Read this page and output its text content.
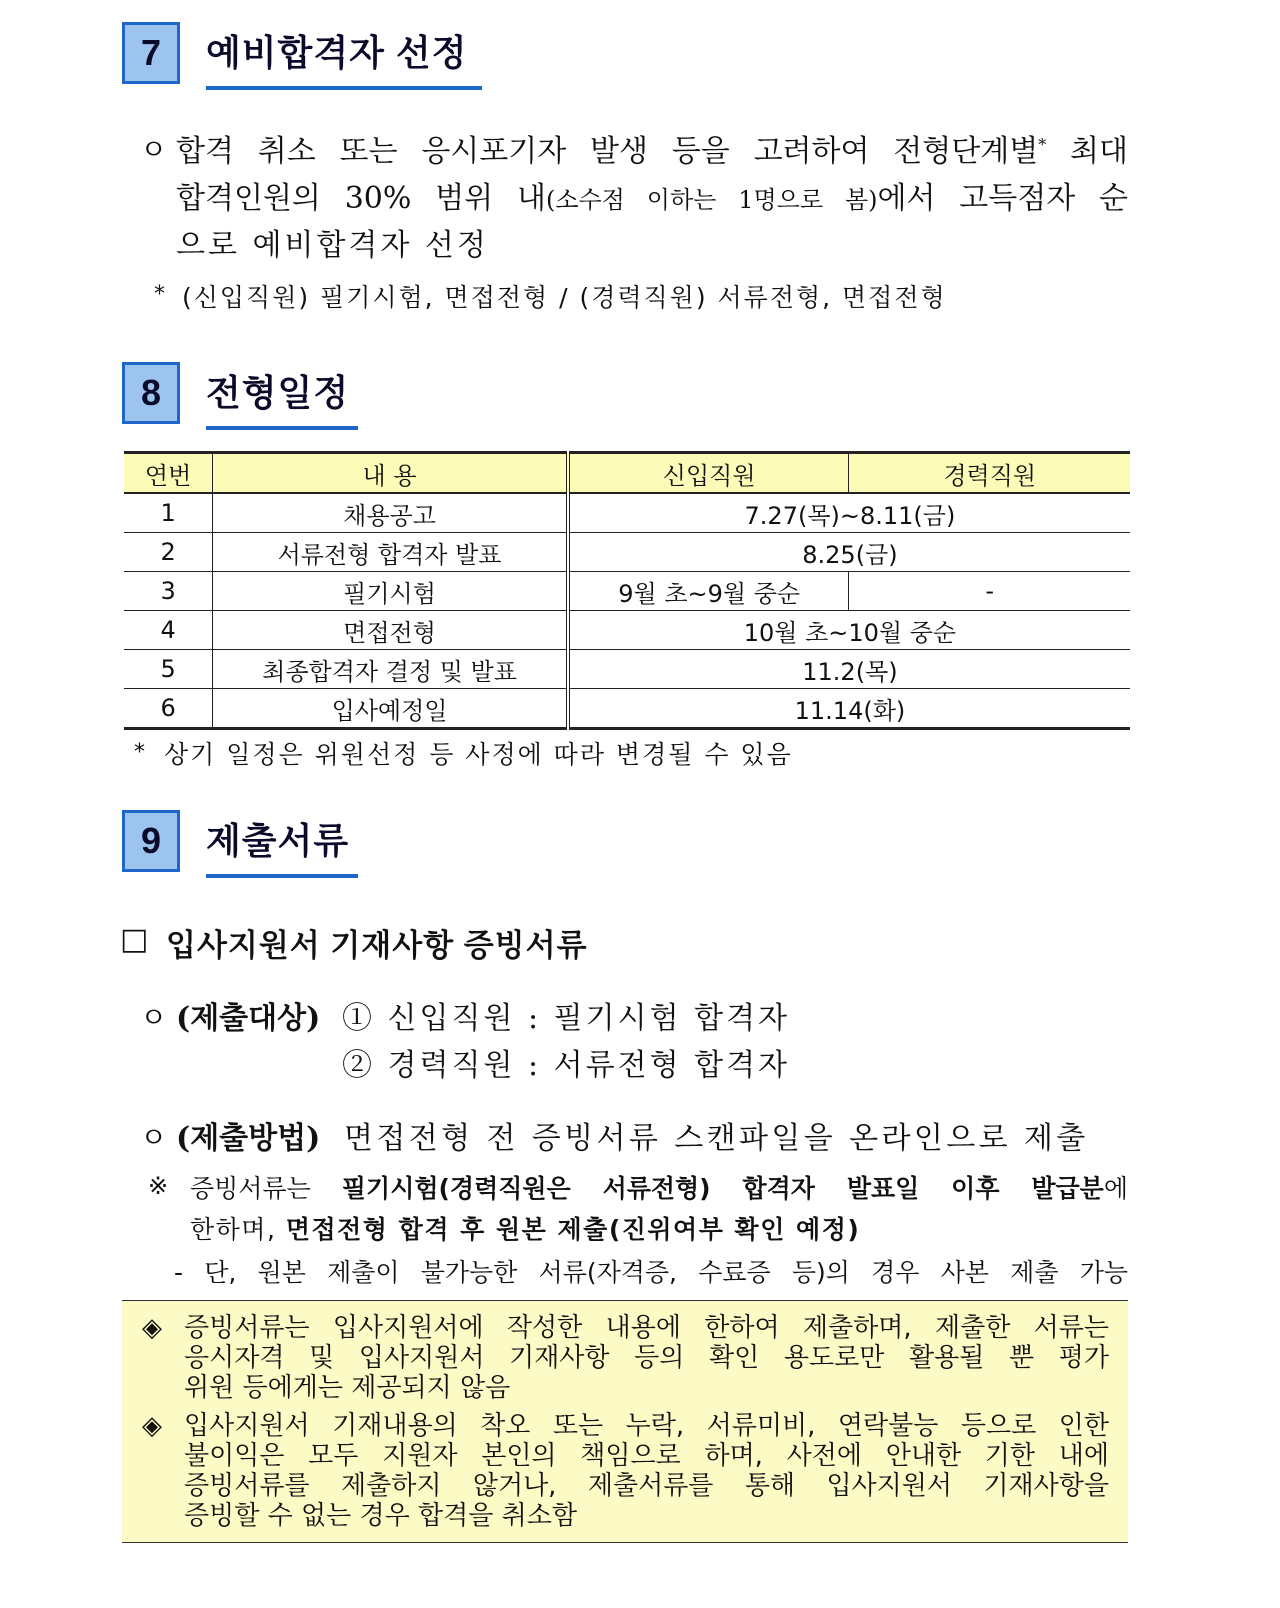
7	예비합격자 선정
ㅇ 합격 취소 또는 응시포기자 발생 등을 고려하여 전형단계별* 최대
합격인원의 30% 범위 내(소수점 이하는 1명으로 봄)에서 고득점자 순
으로 예비합격자 선정
* (신입직원) 필기시험, 면접전형 / (경력직원) 서류전형, 면접전형
8	전형일정
연번	내 용	신입직원	경력직원
1	채용공고	7.27(목)~8.11(금)	
2	서류전형 합격자 발표	8.25(금)	
3	필기시험	9월 초~9월 중순	-
4	면접전형	10월 초~10월 중순	
5	최종합격자 결정 및 발표	11.2(목)	
6	입사예정일	11.14(화)	
* 상기 일정은 위원선정 등 사정에 따라 변경될 수 있음
9	제출서류
□ 입사지원서 기재사항 증빙서류
ㅇ (제출대상) ① 신입직원 : 필기시험 합격자
② 경력직원 : 서류전형 합격자
ㅇ (제출방법) 면접전형 전 증빙서류 스캔파일을 온라인으로 제출
※ 증빙서류는 필기시험(경력직원은 서류전형) 합격자 발표일 이후 발급분에
한하며, 면접전형 합격 후 원본 제출(진위여부 확인 예정)
- 단, 원본 제출이 불가능한 서류(자격증, 수료증 등)의 경우 사본 제출 가능
◈ 증빙서류는 입사지원서에 작성한 내용에 한하여 제출하며, 제출한 서류는
응시자격 및 입사지원서 기재사항 등의 확인 용도로만 활용될 뿐 평가
위원 등에게는 제공되지 않음
◈ 입사지원서 기재내용의 착오 또는 누락, 서류미비, 연락불능 등으로 인한
불이익은 모두 지원자 본인의 책임으로 하며, 사전에 안내한 기한 내에
증빙서류를 제출하지 않거나, 제출서류를 통해 입사지원서 기재사항을
증빙할 수 없는 경우 합격을 취소함
